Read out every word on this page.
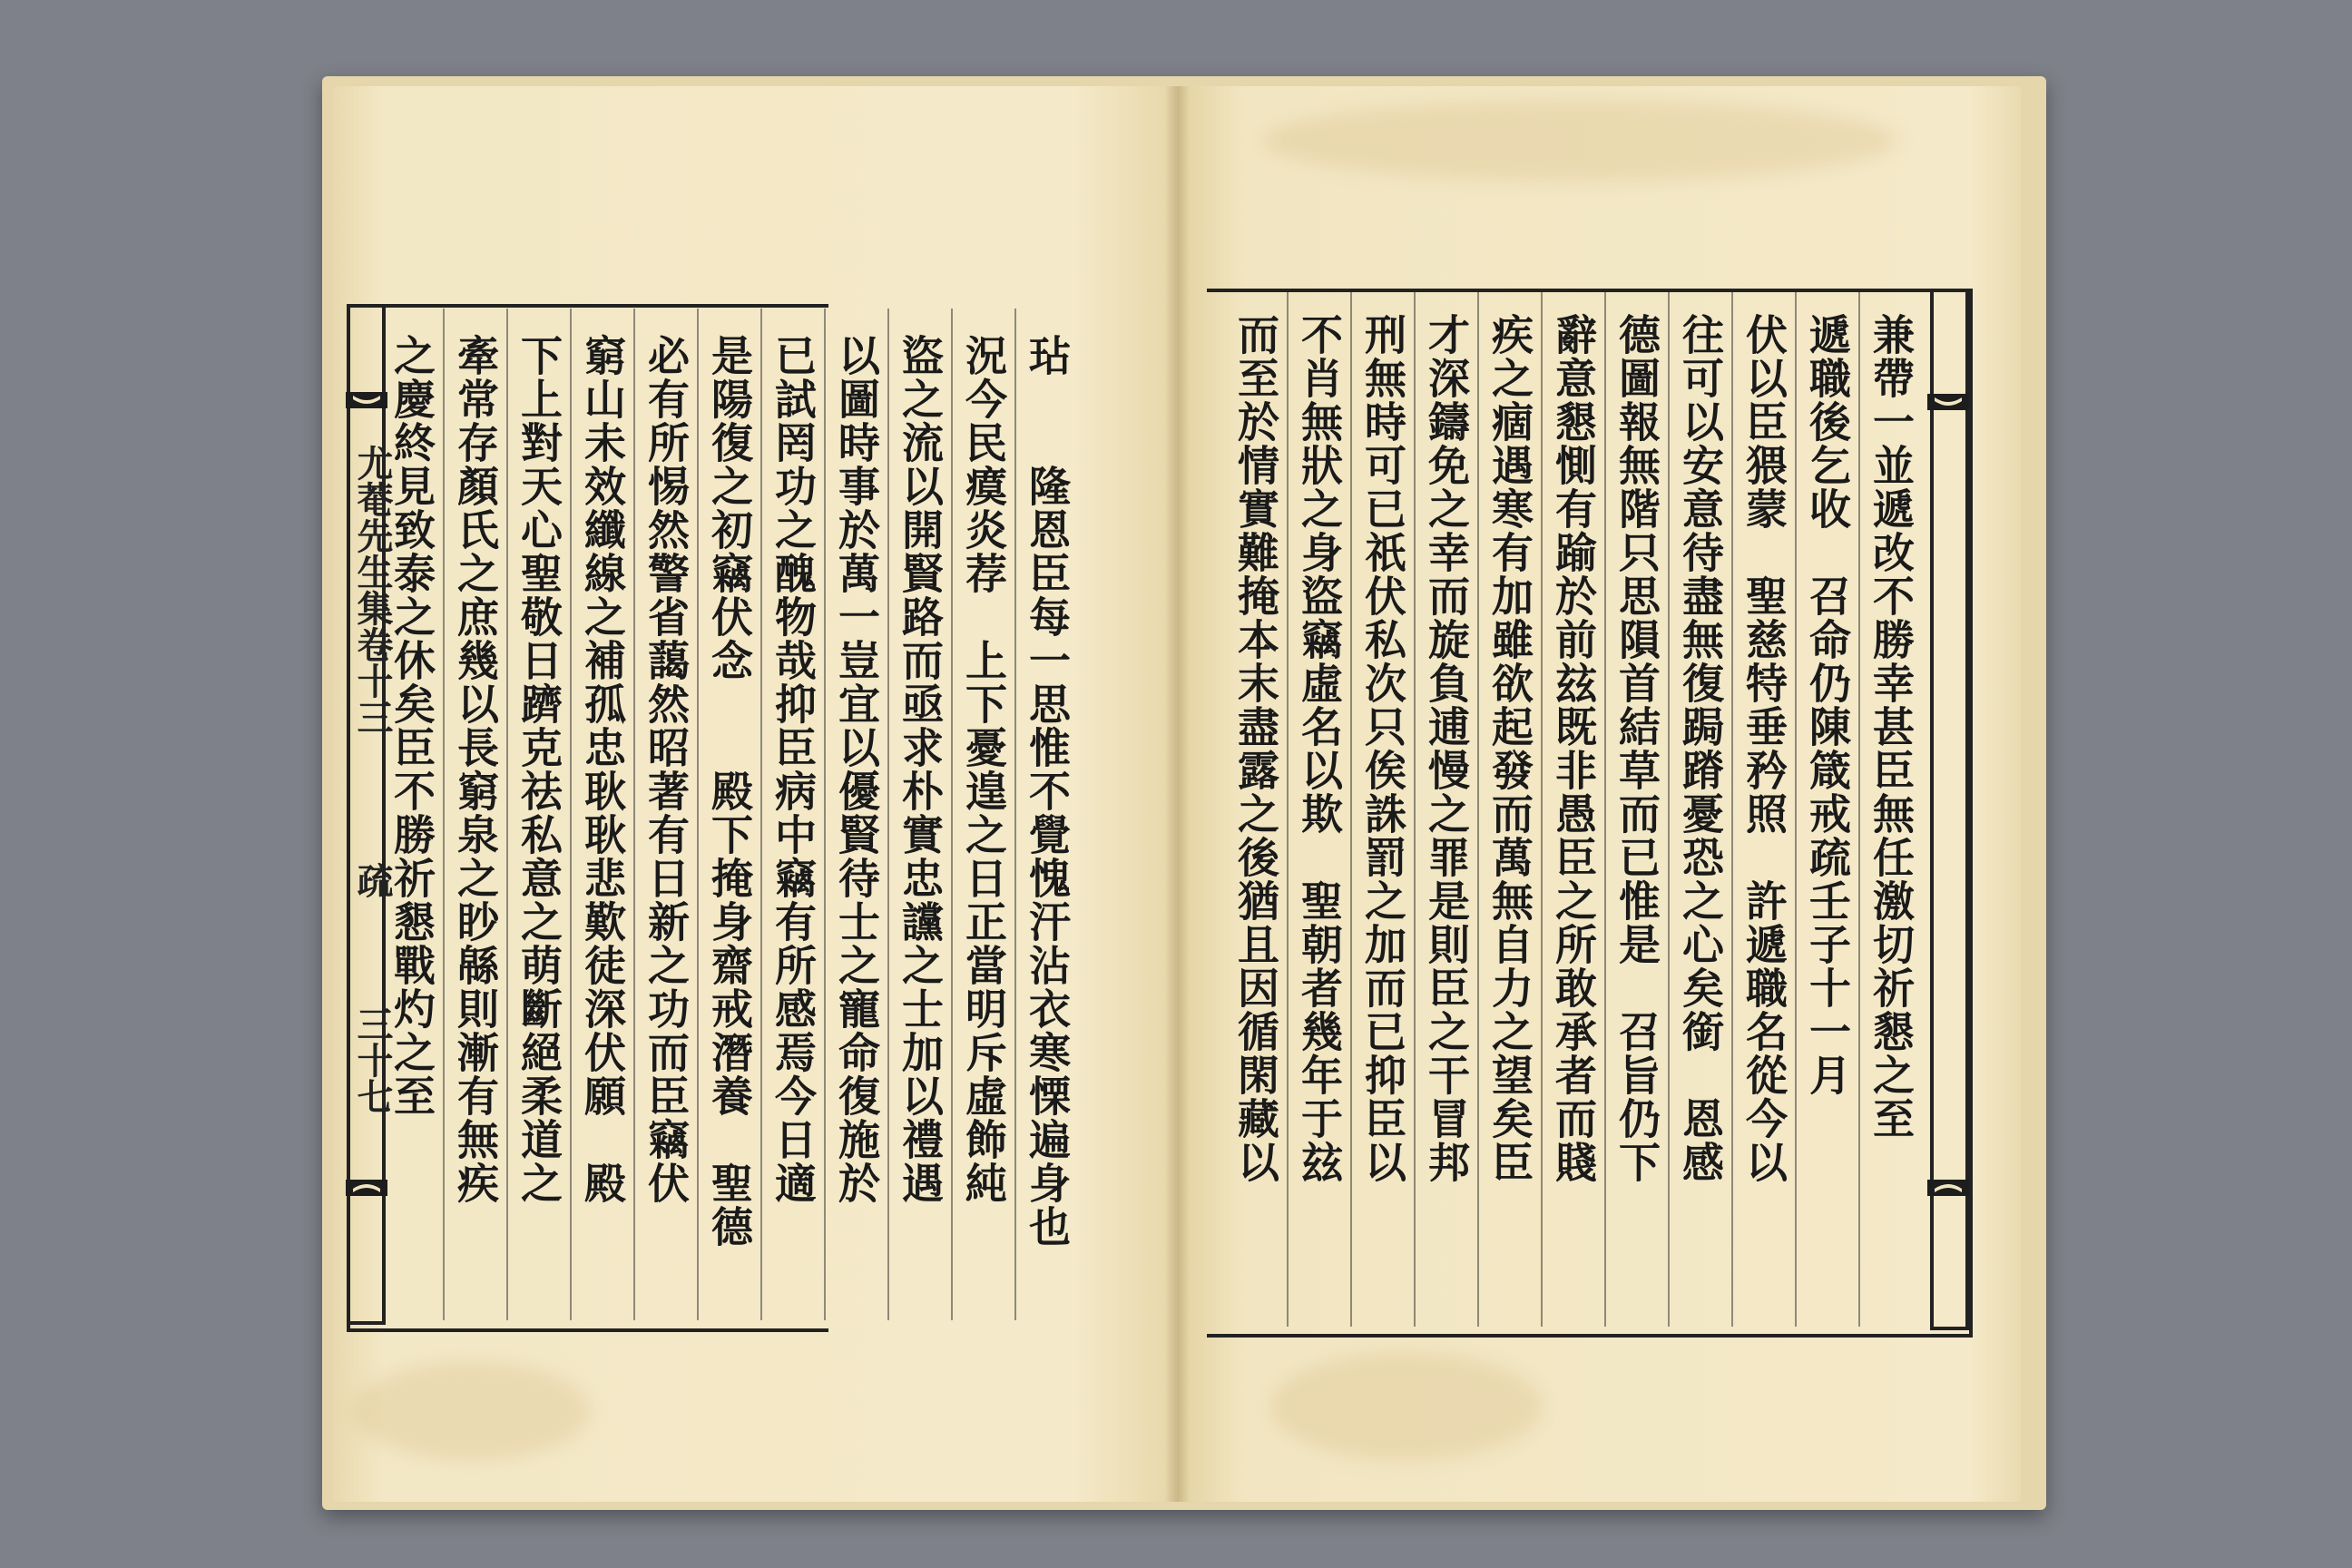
尤菴先生集卷十三
疏
三十七	玷　　隆恩臣每一思惟不覺愧汗沾衣寒慄遍身也
況今民瘼炎荐　上下憂遑之日正當明斥虛飾純
盜之流以開賢路而亟求朴實忠讜之士加以禮遇
以圖時事於萬一豈宜以優賢待士之寵命復施於
已試罔功之醜物哉抑臣病中竊有所感焉今日適
是陽復之初竊伏念　　殿下掩身齋戒潛養　聖德
必有所惕然警省藹然昭著有日新之功而臣竊伏
窮山未效纖線之補孤忠耿耿悲歎徒深伏願　殿
下上對天心聖敬日躋克祛私意之萌斷絕柔道之
牽常存顏氏之庶幾以長窮泉之眇緜則漸有無疾
之慶終見致泰之休矣臣不勝祈懇戰灼之至	兼帶一並遞改不勝幸甚臣無任激切祈懇之至
遞職後乞收　召命仍陳箴戒疏壬子十一月
伏以臣猥蒙　聖慈特垂矜照　許遞職名從今以
往可以安意待盡無復跼蹐憂恐之心矣銜　恩感
德圖報無階只思隕首結草而已惟是　召旨仍下
辭意懇惻有踰於前玆既非愚臣之所敢承者而賤
疾之痼遇寒有加雖欲起發而萬無自力之望矣臣
才深鑄免之幸而旋負逋慢之罪是則臣之干冒邦
刑無時可已祇伏私次只俟誅罰之加而已抑臣以
不肖無狀之身盜竊虛名以欺　聖朝者幾年于玆
而至於情實難掩本末盡露之後猶且因循閑藏以
